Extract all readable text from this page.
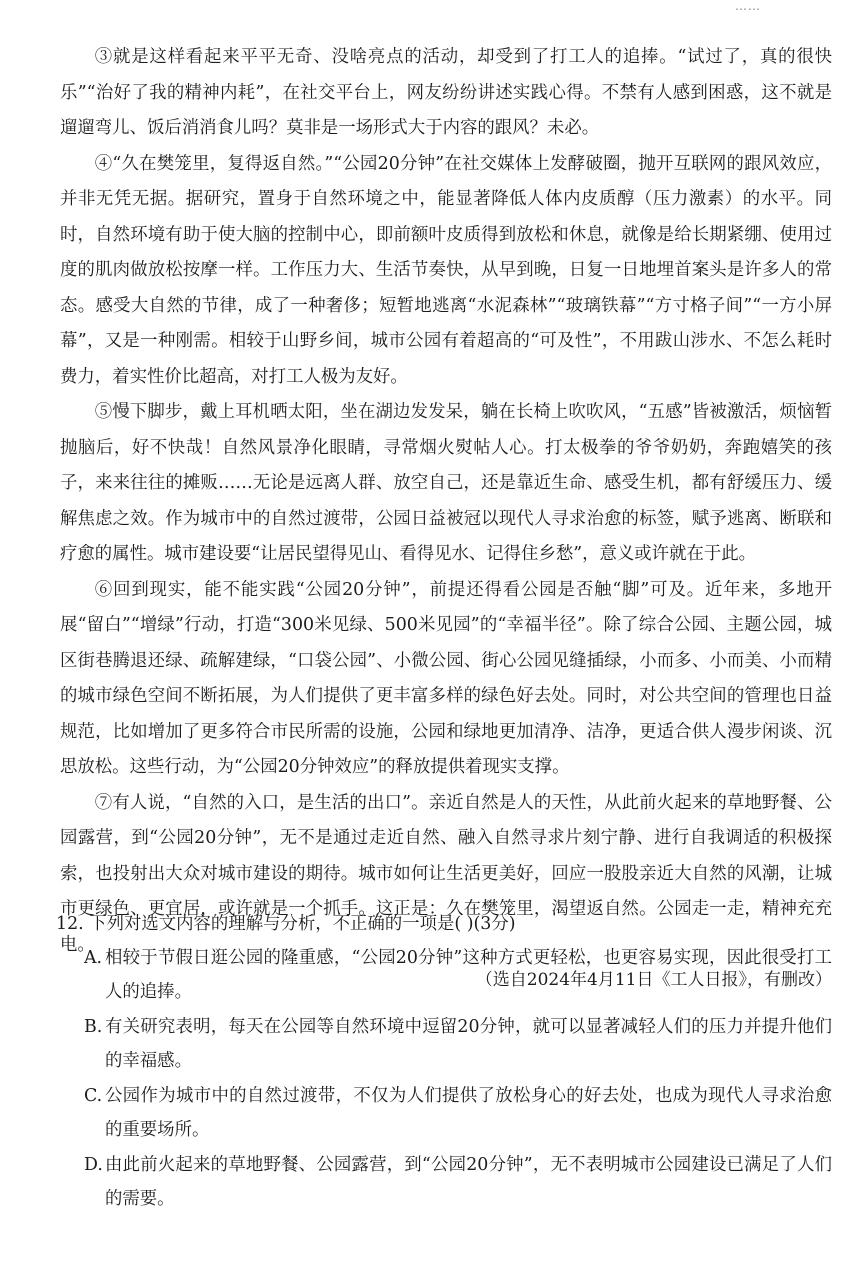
……

③就是这样看起来平平无奇、没啥亮点的活动，却受到了打工人的追捧。“试过了，真的很快乐”“治好了我的精神内耗”，在社交平台上，网友纷纷讲述实践心得。不禁有人感到困惑，这不就是遛遛弯儿、饭后消消食儿吗？莫非是一场形式大于内容的跟风？未必。

④“久在樊笼里，复得返自然。”“公园20分钟”在社交媒体上发酵破圈，抛开互联网的跟风效应，并非无凭无据。据研究，置身于自然环境之中，能显著降低人体内皮质醇（压力激素）的水平。同时，自然环境有助于使大脑的控制中心，即前额叶皮质得到放松和休息，就像是给长期紧绷、使用过度的肌肉做放松按摩一样。工作压力大、生活节奏快，从早到晚，日复一日地埋首案头是许多人的常态。感受大自然的节律，成了一种奢侈；短暂地逃离“水泥森林”“玻璃铁幕”“方寸格子间”“一方小屏幕”，又是一种刚需。相较于山野乡间，城市公园有着超高的“可及性”，不用跋山涉水、不怎么耗时费力，着实性价比超高，对打工人极为友好。

⑤慢下脚步，戴上耳机晒太阳，坐在湖边发发呆，躺在长椅上吹吹风，“五感”皆被激活，烦恼暂抛脑后，好不快哉！自然风景净化眼睛，寻常烟火熨帖人心。打太极拳的爷爷奶奶，奔跑嬉笑的孩子，来来往往的摊贩……无论是远离人群、放空自己，还是靠近生命、感受生机，都有舒缓压力、缓解焦虑之效。作为城市中的自然过渡带，公园日益被冠以现代人寻求治愈的标签，赋予逃离、断联和疗愈的属性。城市建设要“让居民望得见山、看得见水、记得住乡愁”，意义或许就在于此。

⑥回到现实，能不能实践“公园20分钟”，前提还得看公园是否触“脚”可及。近年来，多地开展“留白”“增绿”行动，打造“300米见绿、500米见园”的“幸福半径”。除了综合公园、主题公园，城区街巷腾退还绿、疏解建绿，“口袋公园”、小微公园、街心公园见缝插绿，小而多、小而美、小而精的城市绿色空间不断拓展，为人们提供了更丰富多样的绿色好去处。同时，对公共空间的管理也日益规范，比如增加了更多符合市民所需的设施，公园和绿地更加清净、洁净，更适合供人漫步闲谈、沉思放松。这些行动，为“公园20分钟效应”的释放提供着现实支撑。

⑦有人说，“自然的入口，是生活的出口”。亲近自然是人的天性，从此前火起来的草地野餐、公园露营，到“公园20分钟”，无不是通过走近自然、融入自然寻求片刻宁静、进行自我调适的积极探索，也投射出大众对城市建设的期待。城市如何让生活更美好，回应一股股亲近大自然的风潮，让城市更绿色、更宜居，或许就是一个抓手。这正是：久在樊笼里，渴望返自然。公园走一走，精神充充电。

（选自2024年4月11日《工人日报》，有删改）

12. 下列对选文内容的理解与分析，不正确的一项是( )(3分)

A. 相较于节假日逛公园的隆重感，“公园20分钟”这种方式更轻松，也更容易实现，因此很受打工人的追捧。
B. 有关研究表明，每天在公园等自然环境中逗留20分钟，就可以显著减轻人们的压力并提升他们的幸福感。
C. 公园作为城市中的自然过渡带，不仅为人们提供了放松身心的好去处，也成为现代人寻求治愈的重要场所。
D. 由此前火起来的草地野餐、公园露营，到“公园20分钟”，无不表明城市公园建设已满足了人们的需要。
